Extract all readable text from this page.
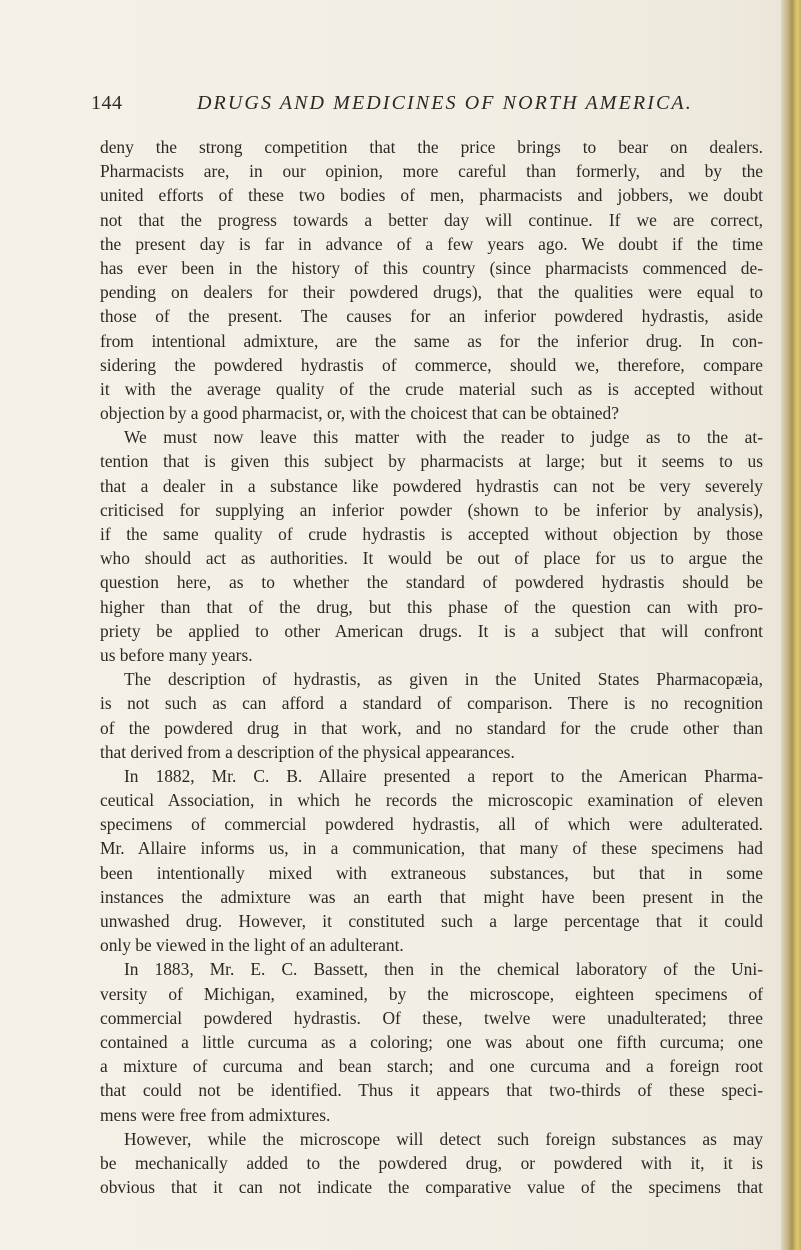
144	DRUGS AND MEDICINES OF NORTH AMERICA.
deny the strong competition that the price brings to bear on dealers.
Pharmacists are, in our opinion, more careful than formerly, and by the
united efforts of these two bodies of men, pharmacists and jobbers, we doubt
not that the progress towards a better day will continue. If we are correct,
the present day is far in advance of a few years ago. We doubt if the time
has ever been in the history of this country (since pharmacists commenced de-
pending on dealers for their powdered drugs), that the qualities were equal to
those of the present. The causes for an inferior powdered hydrastis, aside
from intentional admixture, are the same as for the inferior drug. In con-
sidering the powdered hydrastis of commerce, should we, therefore, compare
it with the average quality of the crude material such as is accepted without
objection by a good pharmacist, or, with the choicest that can be obtained?
We must now leave this matter with the reader to judge as to the at-
tention that is given this subject by pharmacists at large; but it seems to us
that a dealer in a substance like powdered hydrastis can not be very severely
criticised for supplying an inferior powder (shown to be inferior by analysis),
if the same quality of crude hydrastis is accepted without objection by those
who should act as authorities. It would be out of place for us to argue the
question here, as to whether the standard of powdered hydrastis should be
higher than that of the drug, but this phase of the question can with pro-
priety be applied to other American drugs. It is a subject that will confront
us before many years.
The description of hydrastis, as given in the United States Pharmacopæia,
is not such as can afford a standard of comparison. There is no recognition
of the powdered drug in that work, and no standard for the crude other than
that derived from a description of the physical appearances.
In 1882, Mr. C. B. Allaire presented a report to the American Pharma-
ceutical Association, in which he records the microscopic examination of eleven
specimens of commercial powdered hydrastis, all of which were adulterated.
Mr. Allaire informs us, in a communication, that many of these specimens had
been intentionally mixed with extraneous substances, but that in some
instances the admixture was an earth that might have been present in the
unwashed drug. However, it constituted such a large percentage that it could
only be viewed in the light of an adulterant.
In 1883, Mr. E. C. Bassett, then in the chemical laboratory of the Uni-
versity of Michigan, examined, by the microscope, eighteen specimens of
commercial powdered hydrastis. Of these, twelve were unadulterated; three
contained a little curcuma as a coloring; one was about one fifth curcuma; one
a mixture of curcuma and bean starch; and one curcuma and a foreign root
that could not be identified. Thus it appears that two-thirds of these speci-
mens were free from admixtures.
However, while the microscope will detect such foreign substances as may
be mechanically added to the powdered drug, or powdered with it, it is
obvious that it can not indicate the comparative value of the specimens that
